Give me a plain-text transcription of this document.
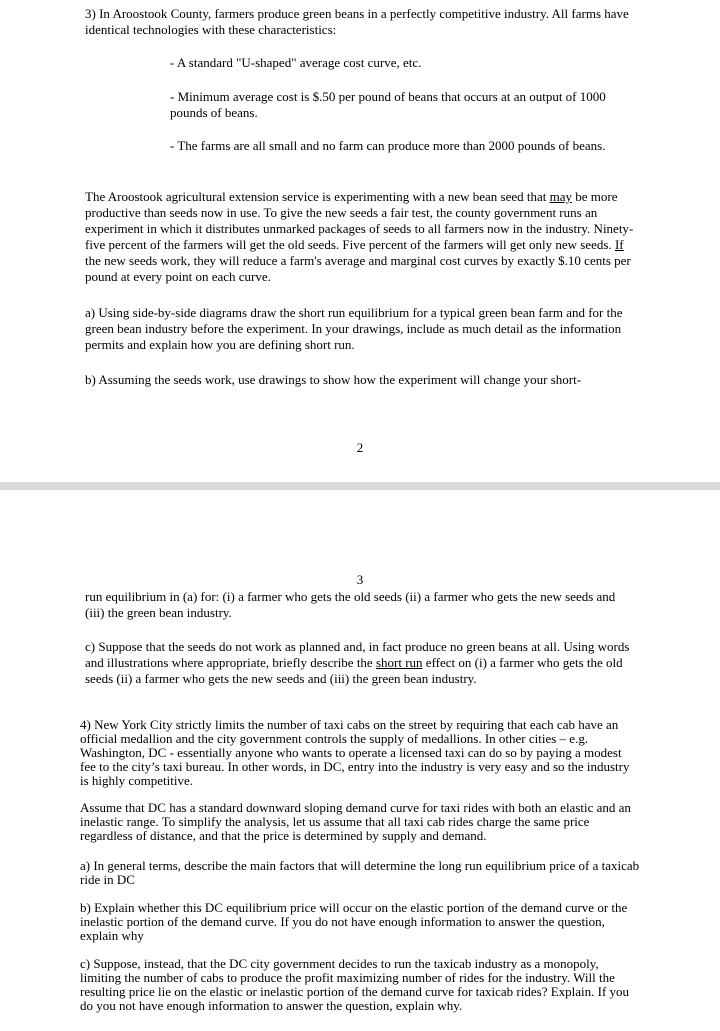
3) In Aroostook County, farmers produce green beans in a perfectly competitive industry. All farms have identical technologies with these characteristics:

- A standard "U-shaped" average cost curve, etc.

- Minimum average cost is $.50 per pound of beans that occurs at an output of 1000 pounds of beans.

- The farms are all small and no farm can produce more than 2000 pounds of beans.

The Aroostook agricultural extension service is experimenting with a new bean seed that may be more productive than seeds now in use. To give the new seeds a fair test, the county government runs an experiment in which it distributes unmarked packages of seeds to all farmers now in the industry. Ninety-five percent of the farmers will get the old seeds. Five percent of the farmers will get only new seeds. If the new seeds work, they will reduce a farm's average and marginal cost curves by exactly $.10 cents per pound at every point on each curve.

a) Using side-by-side diagrams draw the short run equilibrium for a typical green bean farm and for the green bean industry before the experiment. In your drawings, include as much detail as the information permits and explain how you are defining short run.

b) Assuming the seeds work, use drawings to show how the experiment will change your short-

2
3

run equilibrium in (a) for: (i) a farmer who gets the old seeds (ii) a farmer who gets the new seeds and (iii) the green bean industry.

c) Suppose that the seeds do not work as planned and, in fact produce no green beans at all. Using words and illustrations where appropriate, briefly describe the short run effect on (i) a farmer who gets the old seeds (ii) a farmer who gets the new seeds and (iii) the green bean industry.

4) New York City strictly limits the number of taxi cabs on the street by requiring that each cab have an official medallion and the city government controls the supply of medallions. In other cities – e.g. Washington, DC - essentially anyone who wants to operate a licensed taxi can do so by paying a modest fee to the city’s taxi bureau. In other words, in DC, entry into the industry is very easy and so the industry is highly competitive.

Assume that DC has a standard downward sloping demand curve for taxi rides with both an elastic and an inelastic range. To simplify the analysis, let us assume that all taxi cab rides charge the same price regardless of distance, and that the price is determined by supply and demand.

a) In general terms, describe the main factors that will determine the long run equilibrium price of a taxicab ride in DC

b) Explain whether this DC equilibrium price will occur on the elastic portion of the demand curve or the inelastic portion of the demand curve. If you do not have enough information to answer the question, explain why

c) Suppose, instead, that the DC city government decides to run the taxicab industry as a monopoly, limiting the number of cabs to produce the profit maximizing number of rides for the industry. Will the resulting price lie on the elastic or inelastic portion of the demand curve for taxicab rides? Explain. If you do you not have enough information to answer the question, explain why.
